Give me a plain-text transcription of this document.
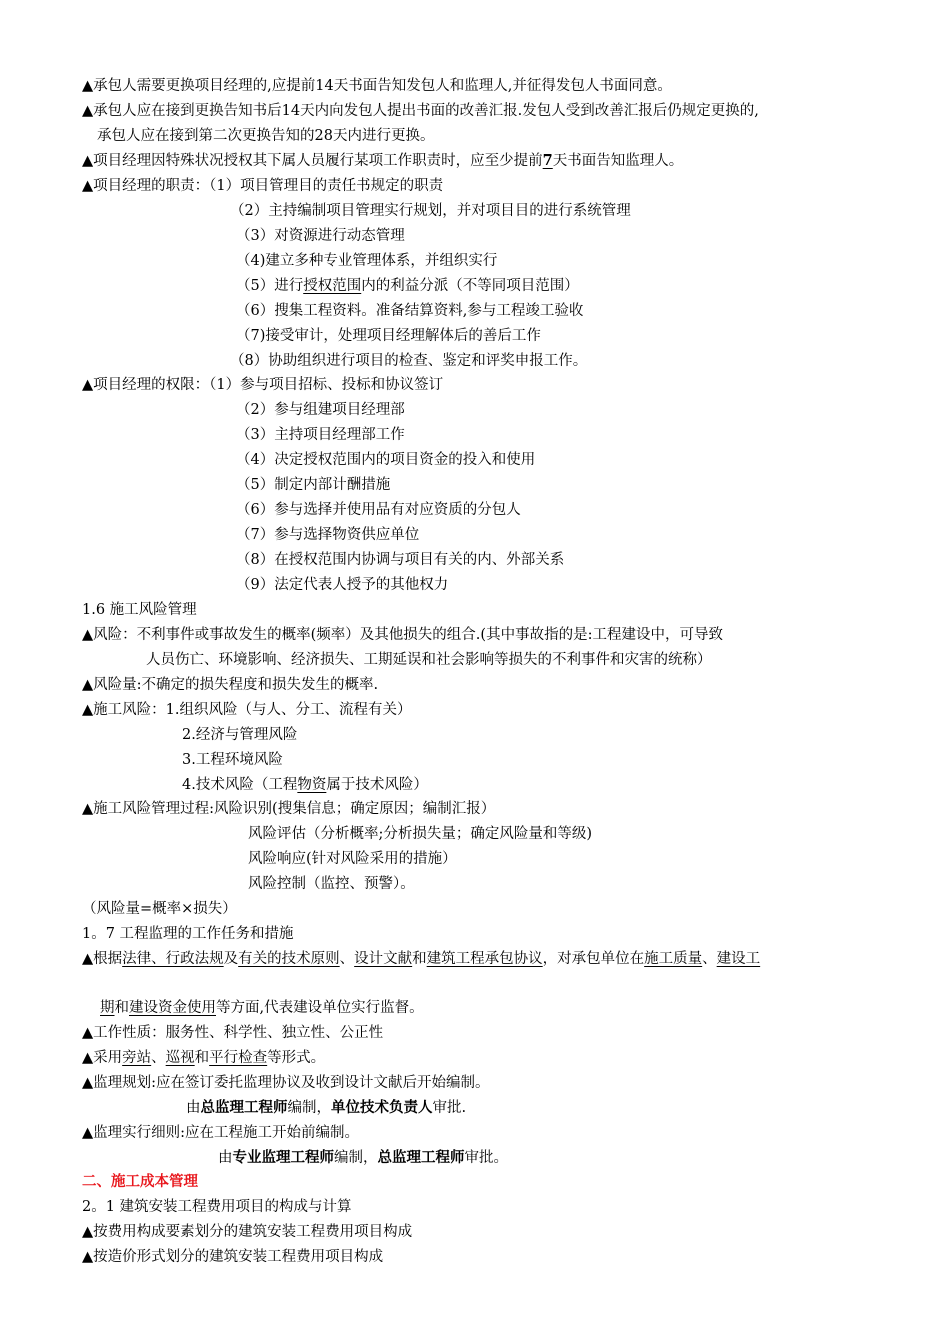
▲承包人需要更换项目经理的,应提前14天书面告知发包人和监理人,并征得发包人书面同意。
▲承包人应在接到更换告知书后14天内向发包人提出书面的改善汇报.发包人受到改善汇报后仍规定更换的,
承包人应在接到第二次更换告知的28天内进行更换。
▲项目经理因特殊状况授权其下属人员履行某项工作职责时，应至少提前7天书面告知监理人。
▲项目经理的职责：（1）项目管理目的责任书规定的职责
（2）主持编制项目管理实行规划，并对项目目的进行系统管理
（3）对资源进行动态管理
（4)建立多种专业管理体系，并组织实行
（5）进行授权范围内的利益分派（不等同项目范围）
（6）搜集工程资料。准备结算资料,参与工程竣工验收
（7)接受审计，处理项目经理解体后的善后工作
（8）协助组织进行项目的检查、鉴定和评奖申报工作。
▲项目经理的权限：（1）参与项目招标、投标和协议签订
（2）参与组建项目经理部
（3）主持项目经理部工作
（4）决定授权范围内的项目资金的投入和使用
（5）制定内部计酬措施
（6）参与选择并使用品有对应资质的分包人
（7）参与选择物资供应单位
（8）在授权范围内协调与项目有关的内、外部关系
（9）法定代表人授予的其他权力
1.6 施工风险管理
▲风险：不利事件或事故发生的概率(频率）及其他损失的组合.(其中事故指的是:工程建设中，可导致
人员伤亡、环境影响、经济损失、工期延误和社会影响等损失的不利事件和灾害的统称）
▲风险量:不确定的损失程度和损失发生的概率.
▲施工风险：1.组织风险（与人、分工、流程有关）
2.经济与管理风险
3.工程环境风险
4.技术风险（工程物资属于技术风险）
▲施工风险管理过程:风险识别(搜集信息；确定原因；编制汇报）
风险评估（分析概率;分析损失量；确定风险量和等级)
风险响应(针对风险采用的措施）
风险控制（监控、预警）。
（风险量=概率×损失）
1。7 工程监理的工作任务和措施
▲根据法律、行政法规及有关的技术原则、设计文献和建筑工程承包协议，对承包单位在施工质量、建设工
期和建设资金使用等方面,代表建设单位实行监督。
▲工作性质：服务性、科学性、独立性、公正性
▲采用旁站、巡视和平行检查等形式。
▲监理规划:应在签订委托监理协议及收到设计文献后开始编制。
由总监理工程师编制，单位技术负责人审批.
▲监理实行细则:应在工程施工开始前编制。
由专业监理工程师编制，总监理工程师审批。
二、施工成本管理
2。1 建筑安装工程费用项目的构成与计算
▲按费用构成要素划分的建筑安装工程费用项目构成
▲按造价形式划分的建筑安装工程费用项目构成
